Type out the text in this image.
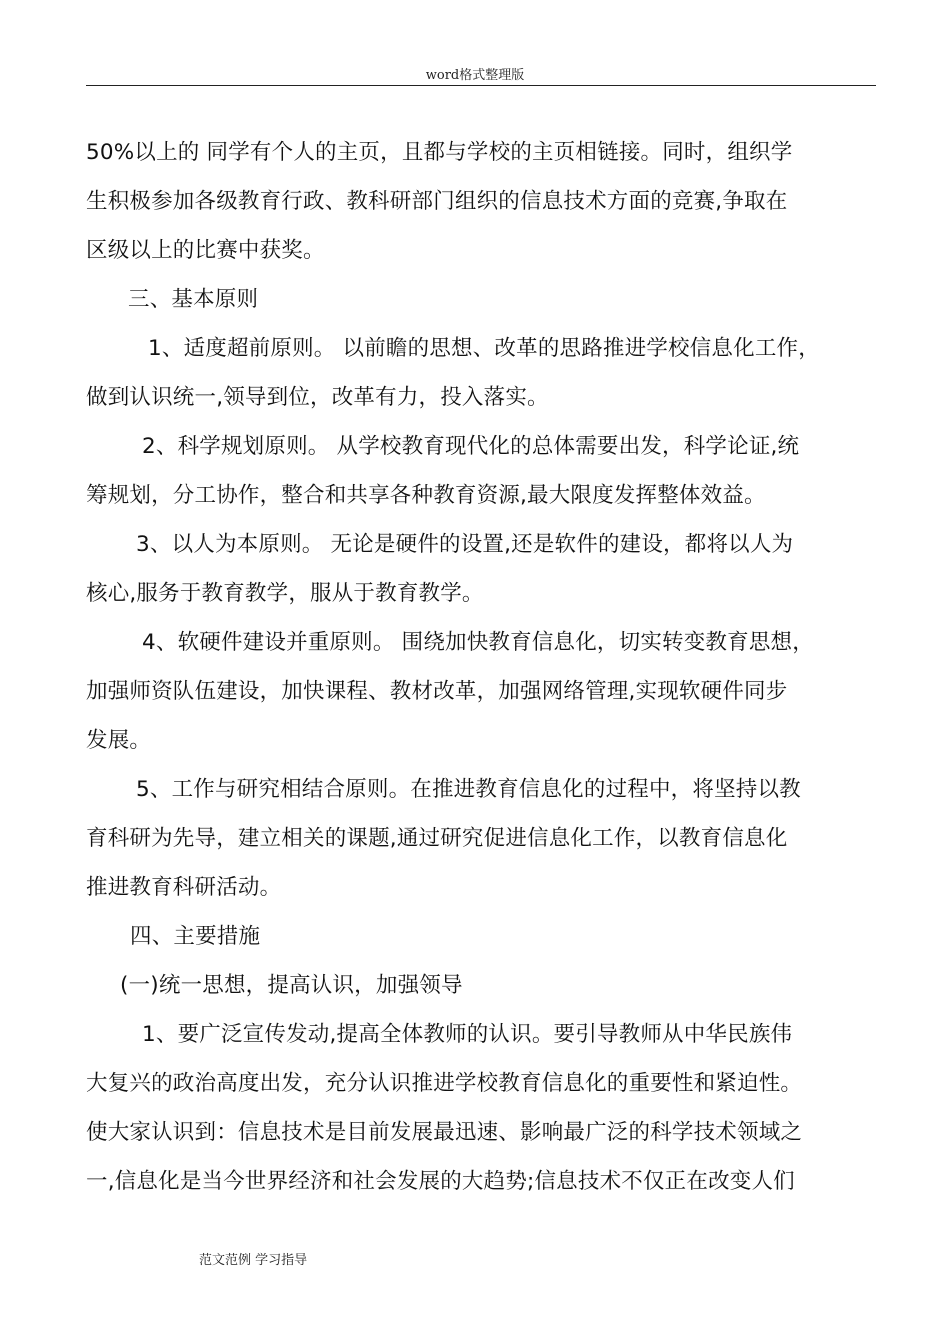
word格式整理版
50%以上的 同学有个人的主页，且都与学校的主页相链接。同时，组织学
生积极参加各级教育行政、教科研部门组织的信息技术方面的竞赛,争取在
区级以上的比赛中获奖。
三、基本原则
1、适度超前原则。 以前瞻的思想、改革的思路推进学校信息化工作，
做到认识统一,领导到位，改革有力，投入落实。
2、科学规划原则。 从学校教育现代化的总体需要出发，科学论证,统
筹规划，分工协作，整合和共享各种教育资源,最大限度发挥整体效益。
3、以人为本原则。 无论是硬件的设置,还是软件的建设，都将以人为
核心,服务于教育教学，服从于教育教学。
4、软硬件建设并重原则。 围绕加快教育信息化，切实转变教育思想，
加强师资队伍建设，加快课程、教材改革，加强网络管理,实现软硬件同步
发展。
5、工作与研究相结合原则。在推进教育信息化的过程中，将坚持以教
育科研为先导，建立相关的课题,通过研究促进信息化工作，以教育信息化
推进教育科研活动。
四、主要措施
(一)统一思想，提高认识，加强领导
1、要广泛宣传发动,提高全体教师的认识。要引导教师从中华民族伟
大复兴的政治高度出发，充分认识推进学校教育信息化的重要性和紧迫性。
使大家认识到：信息技术是目前发展最迅速、影响最广泛的科学技术领域之
一,信息化是当今世界经济和社会发展的大趋势;信息技术不仅正在改变人们
范文范例 学习指导
